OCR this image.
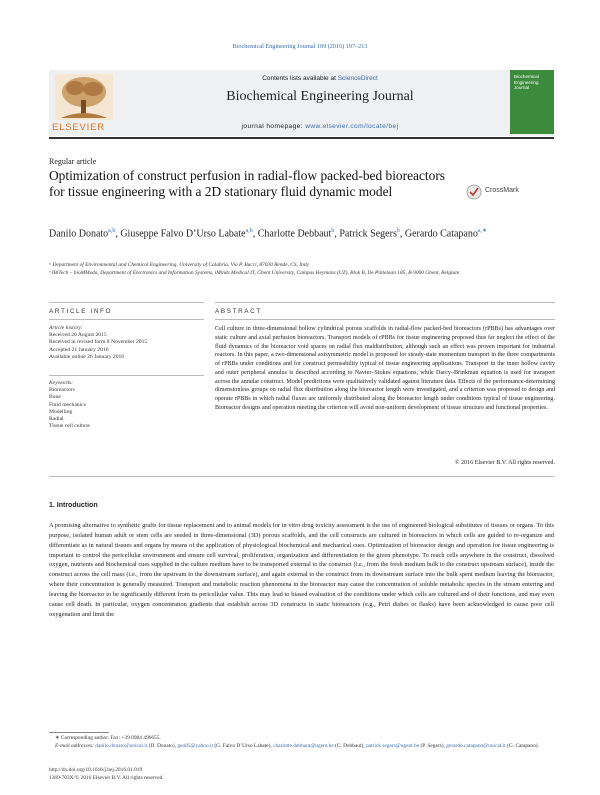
Biochemical Engineering Journal 109 (2016) 197–213
ELSEVIER
Contents lists available at ScienceDirect
Biochemical Engineering Journal
journal homepage: www.elsevier.com/locate/bej
Biochemical Engineering Journal
Regular article
Optimization of construct perfusion in radial-flow packed-bed bioreactors for tissue engineering with a 2D stationary fluid dynamic model	CrossMark
Danilo Donato$^{a,b}$, Giuseppe Falvo D’Urso Labate$^{a,b}$, Charlotte Debbaut$^b$, Patrick Segers$^b$, Gerardo Catapano$^{a,∗}$
ᵃ Department of Environmental and Chemical Engineering, University of Calabria, Via P. Bucci, 87030 Rende, CS, Italy
ᵇ IBiTech – bioMMeda, Department of Electronics and Information Systems, iMinds Medical IT, Ghent University, Campus Heymans (UZ), Blok B, De Pintelaan 185, B-9000 Ghent, Belgium
ARTICLE INFO	ABSTRACT
Article history:
Received 20 August 2015
Received in revised form 8 November 2015
Accepted 21 January 2016
Available online 26 January 2016
Keywords:
Bioreactors
Bone
Fluid mechanics
Modelling
Radial
Tissue cell culture
Cell culture in three-dimensional hollow cylindrical porous scaffolds in radial-flow packed-bed bioreactors (rPBBs) has advantages over static culture and axial perfusion bioreactors. Transport models of rPBBs for tissue engineering proposed thus far neglect the effect of the fluid dynamics of the bioreactor void spaces on radial flux maldistribution, although such an effect was proven important for industrial reactors. In this paper, a two-dimensional axisymmetric model is proposed for steady-state momentum transport in the three compartments of rPBBs under conditions and for construct permeability typical of tissue engineering applications. Transport in the inner hollow cavity and outer peripheral annulus is described according to Navier–Stokes equations, while Darcy–Brinkman equation is used for transport across the annular construct. Model predictions were qualitatively validated against literature data. Effects of the performance-determining dimensionless groups on radial flux distribution along the bioreactor length were investigated, and a criterion was proposed to design and operate rPBBs in which radial fluxes are uniformly distributed along the bioreactor length under conditions typical of tissue engineering. Bioreactor designs and operation meeting the criterion will avoid non-uniform development of tissue structure and functional properties.
© 2016 Elsevier B.V. All rights reserved.
1. Introduction
A promising alternative to synthetic grafts for tissue replacement and to animal models for in vitro drug toxicity assessment is the use of engineered biological substitutes of tissues or organs. To this purpose, isolated human adult or stem cells are seeded in three-dimensional (3D) porous scaffolds, and the cell constructs are cultured in bioreactors in which cells are guided to re-organize and differentiate as in natural tissues and organs by means of the application of physiological biochemical and mechanical cues. Optimization of bioreactor design and operation for tissue engineering is important to control the pericellular environment and ensure cell survival, proliferation, organization and differentiation to the given phenotype. To reach cells anywhere in the construct, dissolved oxygen, nutrients and biochemical cues supplied in the culture medium have to be transported external to the construct (i.e., from the fresh medium bulk to the construct upstream surface), inside the construct across the cell mass (i.e., from the upstream to the downstream surface), and again external to the construct from its downstream surface into the bulk spent medium leaving the bioreactor, where their concentration is generally measured. Transport and metabolic reaction phenomena in the bioreactor may cause the concentration of soluble metabolic species in the stream entering and leaving the bioreactor to be significantly different from its pericellular value. This may lead to biased evaluation of the conditions under which cells are cultured and of their functions, and may even cause cell death. In particular, oxygen concentration gradients that establish across 3D constructs in static bioreactors (e.g., Petri dishes or flasks) have been acknowledged to cause poor cell oxygenation and limit the
∗ Corresponding author. Fax: +39 0984 496655.
E-mail addresses: danilo.donato@unical.it (D. Donato), geo85@yahoo.it (G. Falvo D’Urso Labate), charlotte.debbaut@ugent.be (C. Debbaut), patrick.segers@ugent.be (P. Segers), gerardo.catapano@unical.it (G. Catapano).
http://dx.doi.org/10.1016/j.bej.2016.01.019
1369-703X/© 2016 Elsevier B.V. All rights reserved.
